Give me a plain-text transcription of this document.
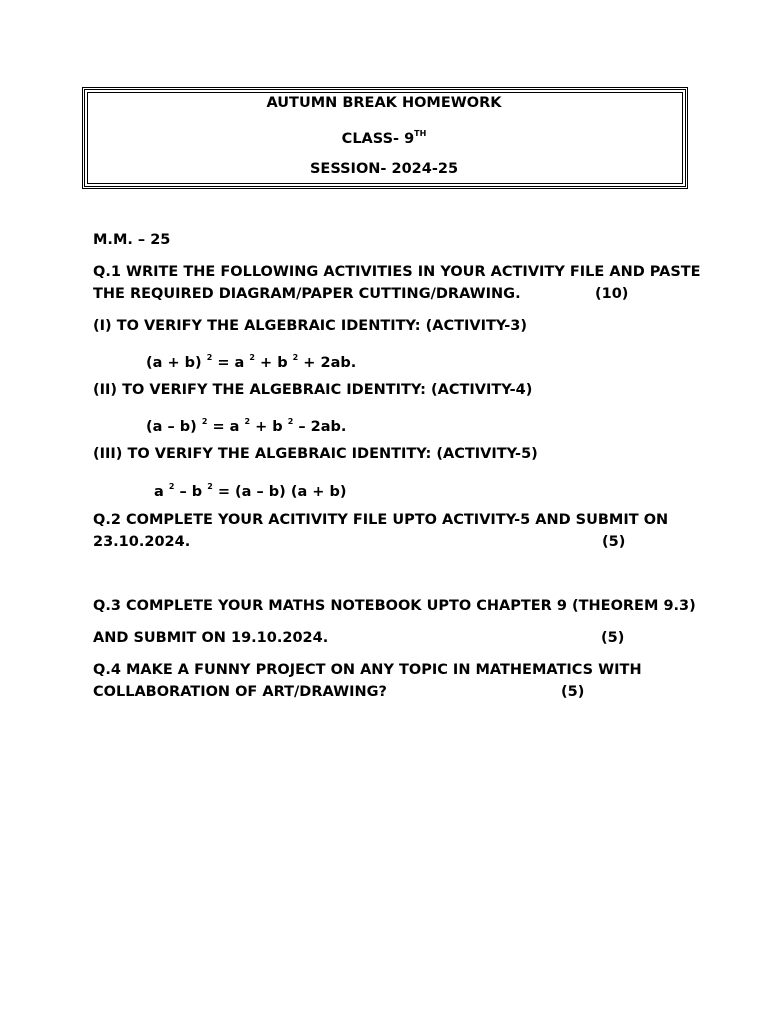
AUTUMN BREAK HOMEWORK
CLASS- 9TH
SESSION- 2024-25
M.M. – 25
Q.1 WRITE THE FOLLOWING ACTIVITIES IN YOUR ACTIVITY FILE AND PASTE
THE REQUIRED DIAGRAM/PAPER CUTTING/DRAWING.	(10)
(I) TO VERIFY THE ALGEBRAIC IDENTITY: (ACTIVITY-3)
(a + b) $^2$ = a $^2$ + b $^2$ + 2ab.
(II) TO VERIFY THE ALGEBRAIC IDENTITY: (ACTIVITY-4)
(a – b) $^2$ = a $^2$ + b $^2$ – 2ab.
(III) TO VERIFY THE ALGEBRAIC IDENTITY: (ACTIVITY-5)
a $^2$ – b $^2$ = (a – b) (a + b)
Q.2 COMPLETE YOUR ACITIVITY FILE UPTO ACTIVITY-5 AND SUBMIT ON
23.10.2024.	(5)
Q.3 COMPLETE YOUR MATHS NOTEBOOK UPTO CHAPTER 9 (THEOREM 9.3)
AND SUBMIT ON 19.10.2024.	(5)
Q.4 MAKE A FUNNY PROJECT ON ANY TOPIC IN MATHEMATICS WITH
COLLABORATION OF ART/DRAWING?	(5)
